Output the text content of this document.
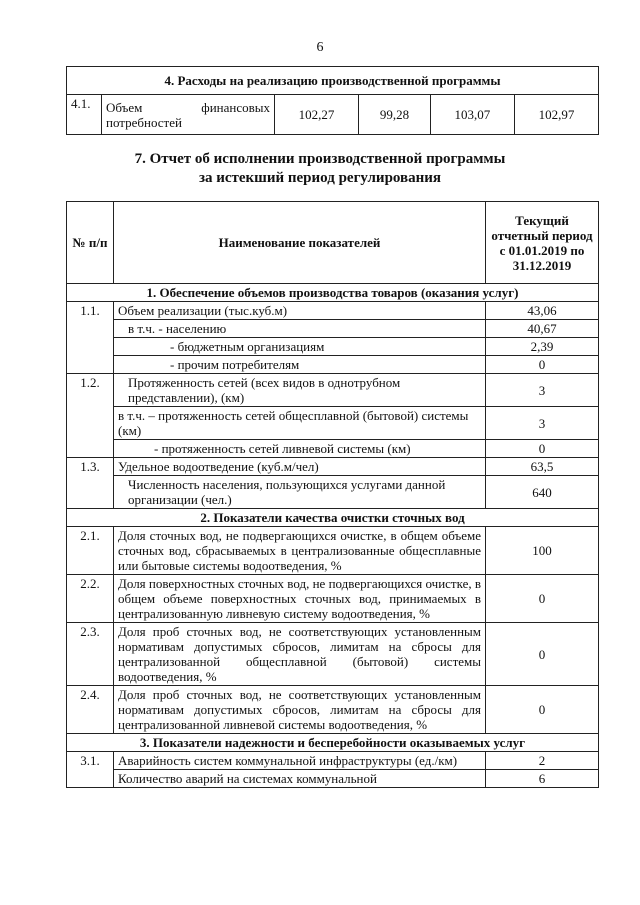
6
4. Расходы на реализацию производственной программы
4.1.	Объем финансовых потребностей	102,27	99,28	103,07	102,97
7. Отчет об исполнении производственной программы
за истекший период регулирования
№ п/п	Наименование показателей	Текущий отчетный период с 01.01.2019 по 31.12.2019
1. Обеспечение объемов производства товаров (оказания услуг)		
1.1.	Объем реализации (тыс.куб.м)	43,06
	в т.ч. - населению	40,67
	- бюджетным организациям	2,39
	- прочим потребителям	0
1.2.	Протяженность сетей (всех видов в однотрубном представлении), (км)	3
	в т.ч. – протяженность сетей общесплавной (бытовой) системы (км)	3
	- протяженность сетей ливневой системы (км)	0
1.3.	Удельное водоотведение (куб.м/чел)	63,5
	Численность населения, пользующихся услугами данной организации (чел.)	640
2. Показатели качества очистки сточных вод		
2.1.	Доля сточных вод, не подвергающихся очистке, в общем объеме сточных вод, сбрасываемых в централизованные общесплавные или бытовые системы водоотведения, %	100
2.2.	Доля поверхностных сточных вод, не подвергающихся очистке, в общем объеме поверхностных сточных вод, принимаемых в централизованную ливневую систему водоотведения, %	0
2.3.	Доля проб сточных вод, не соответствующих установленным нормативам допустимых сбросов, лимитам на сбросы для централизованной общесплавной (бытовой) системы водоотведения, %	0
2.4.	Доля проб сточных вод, не соответствующих установленным нормативам допустимых сбросов, лимитам на сбросы для централизованной ливневой системы водоотведения, %	0
3. Показатели надежности и бесперебойности оказываемых услуг		
3.1.	Аварийность систем коммунальной инфраструктуры (ед./км)	2
	Количество аварий на системах коммунальной	6
